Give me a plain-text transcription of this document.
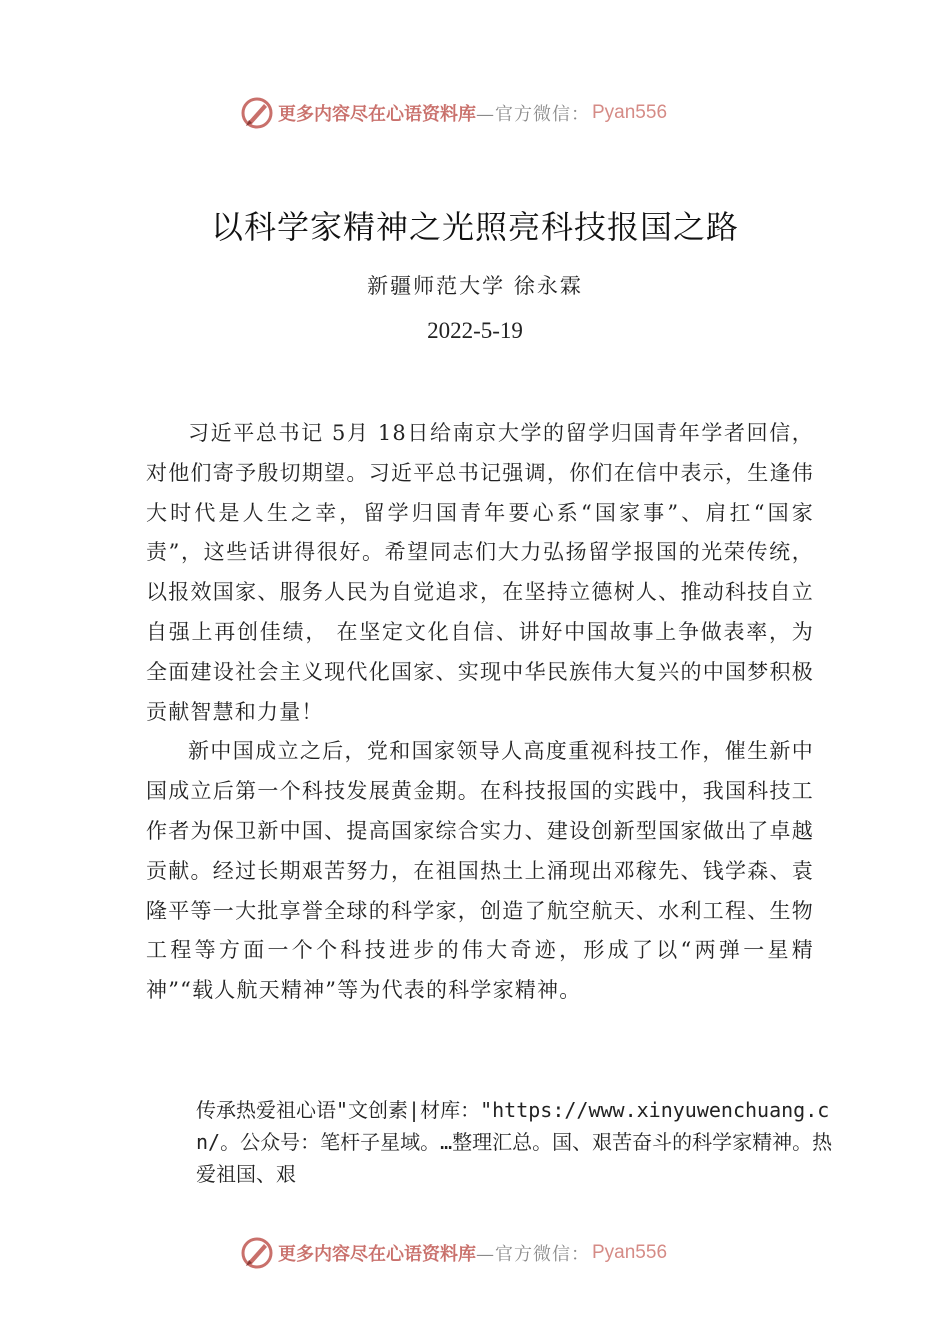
更多内容尽在心语资料库 —官方微信： Pyan556
以科学家精神之光照亮科技报国之路
新疆师范大学 徐永霖
2022-5-19

习近平总书记 5月 18日给南京大学的留学归国青年学者回信，对他们寄予殷切期望。习近平总书记强调，你们在信中表示，生逢伟大时代是人生之幸，留学归国青年要心系“国家事”、肩扛“国家责”，这些话讲得很好。希望同志们大力弘扬留学报国的光荣传统，以报效国家、服务人民为自觉追求，在坚持立德树人、推动科技自立自强上再创佳绩， 在坚定文化自信、讲好中国故事上争做表率，为全面建设社会主义现代化国家、实现中华民族伟大复兴的中国梦积极贡献智慧和力量！

新中国成立之后，党和国家领导人高度重视科技工作，催生新中国成立后第一个科技发展黄金期。在科技报国的实践中，我国科技工作者为保卫新中国、提高国家综合实力、建设创新型国家做出了卓越贡献。经过长期艰苦努力，在祖国热土上涌现出邓稼先、钱学森、袁隆平等一大批享誉全球的科学家，创造了航空航天、水利工程、生物工程等方面一个个科技进步的伟大奇迹，形成了以“两弹一星精神”“载人航天精神”等为代表的科学家精神。

传承热爱祖心语"文创素|材库："https://www.xinyuwenchuang.cn/。公众号：笔杆子星域。…整理汇总。国、艰苦奋斗的科学家精神。热爱祖国、艰
更多内容尽在心语资料库 —官方微信： Pyan556
